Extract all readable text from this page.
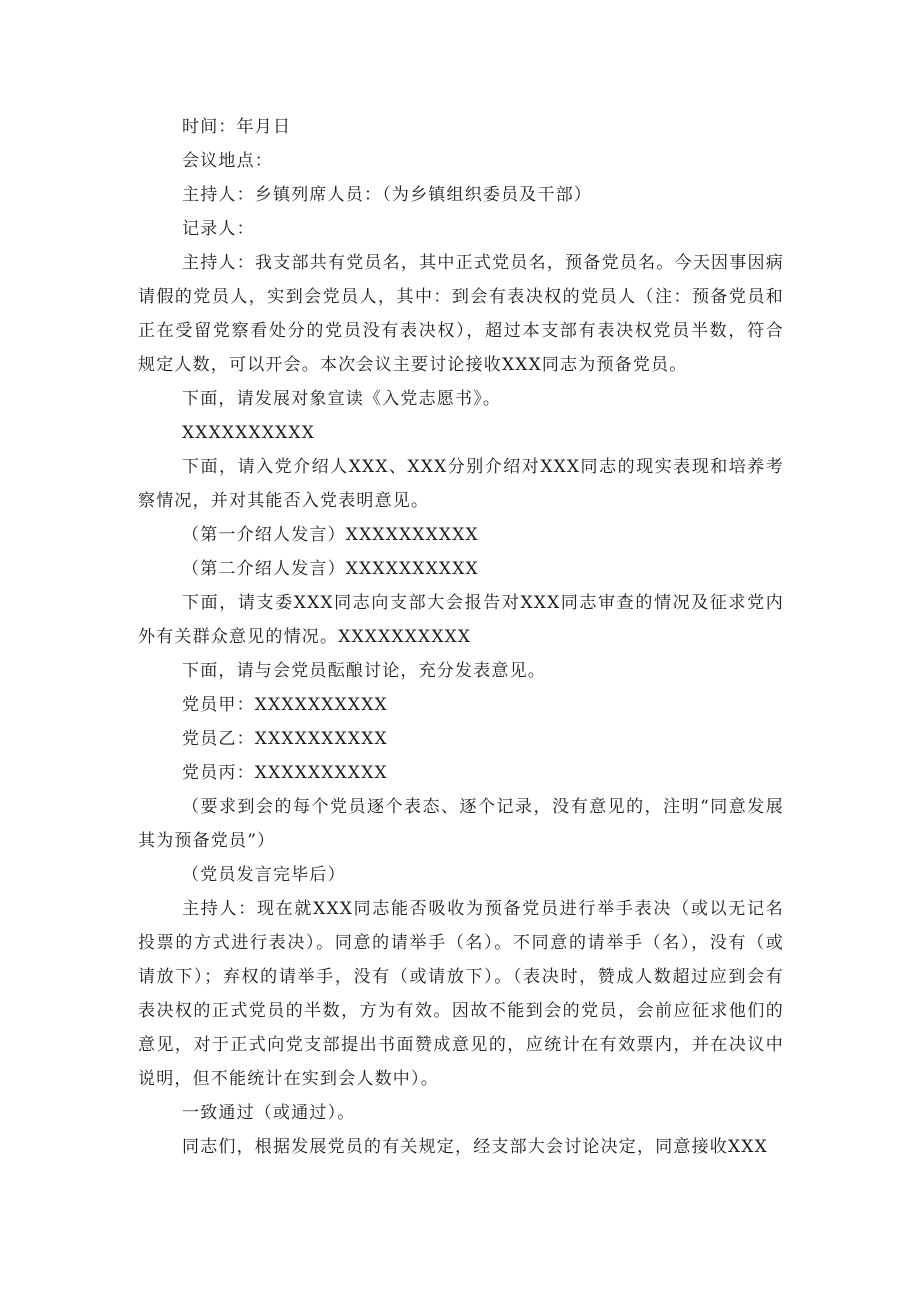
时间：年月日

会议地点：

主持人：乡镇列席人员：（为乡镇组织委员及干部）

记录人：

主持人：我支部共有党员名，其中正式党员名，预备党员名。今天因事因病请假的党员人，实到会党员人，其中：到会有表决权的党员人（注：预备党员和正在受留党察看处分的党员没有表决权），超过本支部有表决权党员半数，符合规定人数，可以开会。本次会议主要讨论接收XXX同志为预备党员。

下面，请发展对象宣读《入党志愿书》。

XXXXXXXXXX

下面，请入党介绍人XXX、XXX分别介绍对XXX同志的现实表现和培养考察情况，并对其能否入党表明意见。

（第一介绍人发言）XXXXXXXXXX

（第二介绍人发言）XXXXXXXXXX

下面，请支委XXX同志向支部大会报告对XXX同志审查的情况及征求党内外有关群众意见的情况。XXXXXXXXXX

下面，请与会党员酝酿讨论，充分发表意见。

党员甲：XXXXXXXXXX

党员乙：XXXXXXXXXX

党员丙：XXXXXXXXXX

（要求到会的每个党员逐个表态、逐个记录，没有意见的，注明“同意发展其为预备党员”）

（党员发言完毕后）

主持人：现在就XXX同志能否吸收为预备党员进行举手表决（或以无记名投票的方式进行表决）。同意的请举手（名）。不同意的请举手（名），没有（或请放下）；弃权的请举手，没有（或请放下）。（表决时，赞成人数超过应到会有表决权的正式党员的半数，方为有效。因故不能到会的党员，会前应征求他们的意见，对于正式向党支部提出书面赞成意见的，应统计在有效票内，并在决议中说明，但不能统计在实到会人数中）。

一致通过（或通过）。

同志们，根据发展党员的有关规定，经支部大会讨论决定，同意接收XXX
